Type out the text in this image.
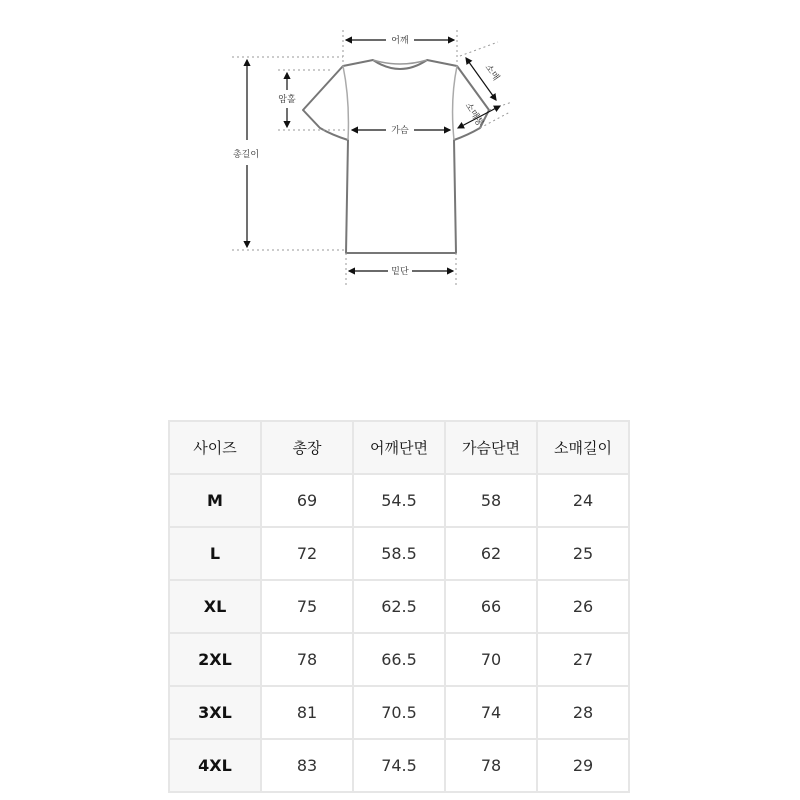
어깨
총길이
암홀
가슴
밑단
소매
소매통
사이즈	총장	어깨단면	가슴단면	소매길이
M	69	54.5	58	24
L	72	58.5	62	25
XL	75	62.5	66	26
2XL	78	66.5	70	27
3XL	81	70.5	74	28
4XL	83	74.5	78	29
